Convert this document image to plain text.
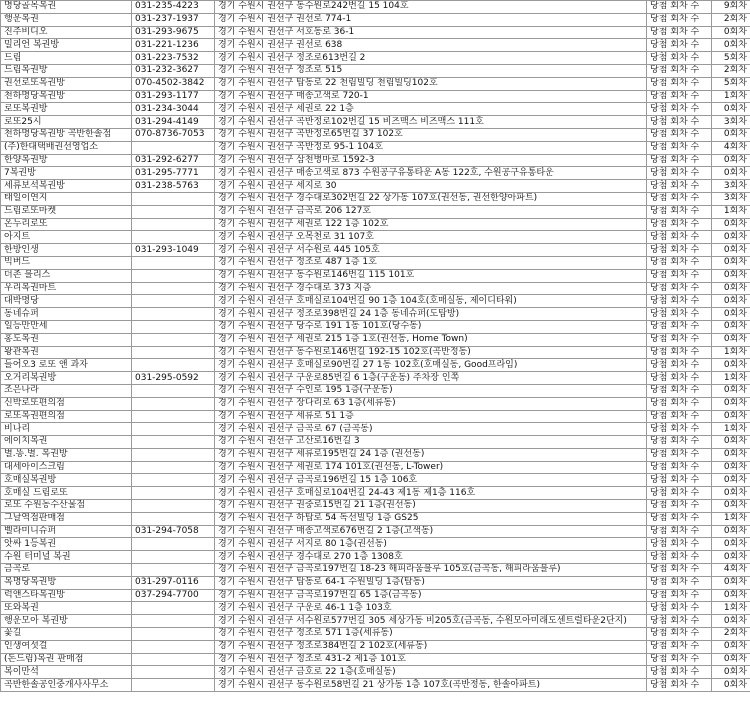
명당골목복권	031-235-4223	경기 수원시 권선구 동수원로242번길 15 104호	당첨 회차 수	9회차
행운복권	031-237-1937	경기 수원시 권선구 권선로 774-1	당첨 회차 수	2회차
진주비디오	031-293-9675	경기 수원시 권선구 서호동로 36-1	당첨 회차 수	0회차
밀리언 복권방	031-221-1236	경기 수원시 권선구 권선로 638	당첨 회차 수	0회차
드림	031-223-7532	경기 수원시 권선구 정조로613번길 2	당첨 회차 수	5회차
드림복권방	031-232-3627	경기 수원시 권선구 정조로 515	당첨 회차 수	2회차
권선로또복권방	070-4502-3842	경기 수원시 권선구 탑동로 22 천림빌딩 천림빌딩102호	당첨 회차 수	5회차
천하명당복권방	031-293-1177	경기 수원시 권선구 매송고색로 720-1	당첨 회차 수	1회차
로또복권방	031-234-3044	경기 수원시 권선구 세권로 22 1층	당첨 회차 수	0회차
로또25시	031-294-4149	경기 수원시 권선구 곡반정로102번길 15 비즈맥스 비즈맥스 111호	당첨 회차 수	3회차
천하명당복권방 곡반한솔점	070-8736-7053	경기 수원시 권선구 곡반정로65번길 37 102호	당첨 회차 수	0회차
(주)한대택배권선영업소		경기 수원시 권선구 곡반정로 95-1 104호	당첨 회차 수	4회차
한양복권방	031-292-6277	경기 수원시 권선구 삼천병마로 1592-3	당첨 회차 수	0회차
7복권방	031-295-7771	경기 수원시 권선구 매송고색로 873 수원공구유통타운 A동 122호, 수원공구유통타운	당첨 회차 수	0회차
세류보석복권방	031-238-5763	경기 수원시 권선구 세지로 30	당첨 회차 수	3회차
태일이연지		경기 수원시 권선구 경수대로302번길 22 상가동 107호(권선동, 권선한양아파트)	당첨 회차 수	3회차
드림로또마켓		경기 수원시 권선구 금곡로 206 127호	당첨 회차 수	1회차
온누리로또		경기 수원시 권선구 세권로 122 1층 102호	당첨 회차 수	0회차
아지트		경기 수원시 권선구 오목천로 31 107호	당첨 회차 수	0회차
한방인생	031-293-1049	경기 수원시 권선구 서수원로 445 105호	당첨 회차 수	0회차
빅버드		경기 수원시 권선구 정조로 487 1층 1호	당첨 회차 수	0회차
더존 블리스		경기 수원시 권선구 동수원로146번길 115 101호	당첨 회차 수	0회차
우리복권마트		경기 수원시 권선구 경수대로 373 지층	당첨 회차 수	0회차
대박명당		경기 수원시 권선구 호매실로104번길 90 1층 104호(호매실동, 제이디타워)	당첨 회차 수	0회차
동네슈퍼		경기 수원시 권선구 정조로398번길 24 1층 동네슈퍼(도탑방)	당첨 회차 수	0회차
일등만만세		경기 수원시 권선구 당수로 191 1동 101호(당수동)	당첨 회차 수	0회차
홍도복권		경기 수원시 권선구 세권로 215 1층 1호(권선동, Home Town)	당첨 회차 수	0회차
왕관복권		경기 수원시 권선구 동수원로146번길 192-15 102호(곡반정동)	당첨 회차 수	1회차
들어오3 로또 앤 과자		경기 수원시 권선구 호매실로90번길 27 1동 102호(호매실동, Good프라임)	당첨 회차 수	0회차
오거리복권방	031-295-0592	경기 수원시 권선구 구운로85번길 6 1층(구운동) 주차장 인쪽	당첨 회차 수	1회차
조은나라		경기 수원시 권선구 수인로 195 1층(구운동)	당첨 회차 수	0회차
신박로또편의점		경기 수원시 권선구 장다리로 63 1층(세류동)	당첨 회차 수	0회차
로또복권편의점		경기 수원시 권선구 세류로 51 1층	당첨 회차 수	0회차
비나리		경기 수원시 권선구 금곡로 67 (금곡동)	당첨 회차 수	1회차
에이치복권		경기 수원시 권선구 고산로16번길 3	당첨 회차 수	0회차
별.똥.별. 복권방		경기 수원시 권선구 세류로195번길 24 1층 (권선동)	당첨 회차 수	0회차
대세아이스크림		경기 수원시 권선구 세권로 174 101호(권선동, L-Tower)	당첨 회차 수	0회차
호매실복권방		경기 수원시 권선구 금곡로196번길 15 1층 106호	당첨 회차 수	0회차
호매실 드림로또		경기 수원시 권선구 호매실로104번길 24-43 제1동 제1층 116호	당첨 회차 수	0회차
로또 수원농수산물점		경기 수원시 권선구 권중로15번길 21 1층(권선동)	당첨 회차 수	0회차
그날역점판매점		경기 수원시 권선구 하탑로 54 독선빌딩 1층 GS25	당첨 회차 수	1회차
벨라미니슈퍼	031-294-7058	경기 수원시 권선구 매송고색로676번길 2 1층(고색동)	당첨 회차 수	0회차
앗싸 1등복권		경기 수원시 권선구 서지로 80 1층(권선동)	당첨 회차 수	0회차
수원 터미널 복권		경기 수원시 권선구 경수대로 270 1층 1308호	당첨 회차 수	0회차
금곡로		경기 수원시 권선구 금곡로197번길 18-23 해피라움블루 105호(금곡동, 해피라움블루)	당첨 회차 수	4회차
복명당복권방	031-297-0116	경기 수원시 권선구 탑동로 64-1 수원빌딩 1층(탑동)	당첨 회차 수	0회차
럭앤스타복권방	037-294-7700	경기 수원시 권선구 금곡로197번길 65 1층(금곡동)	당첨 회차 수	0회차
또와복권		경기 수원시 권선구 구운로 46-1 1층 103호	당첨 회차 수	1회차
행운모아 복권방		경기 수원시 권선구 서수원로577번길 305 세상가동 비205호(금곡동, 수원모아미래도센트럴타운2단지)	당첨 회차 수	0회차
꽃길		경기 수원시 권선구 정조로 571 1층(세류동)	당첨 회차 수	2회차
인생여섯걸		경기 수원시 권선구 정조로384번길 2 102호(세류동)	당첨 회차 수	0회차
(돈드림)복권 판매점		경기 수원시 권선구 정조로 431-2 제1층 101호	당첨 회차 수	0회차
복이만석		경기 수원시 권선구 금호로 22 1층(호매실동)	당첨 회차 수	0회차
곡반한솔공인중개사사무소		경기 수원시 권선구 동수원로58번길 21 상가동 1층 107호(곡반정동, 한솔아파트)	당첨 회차 수	0회차
